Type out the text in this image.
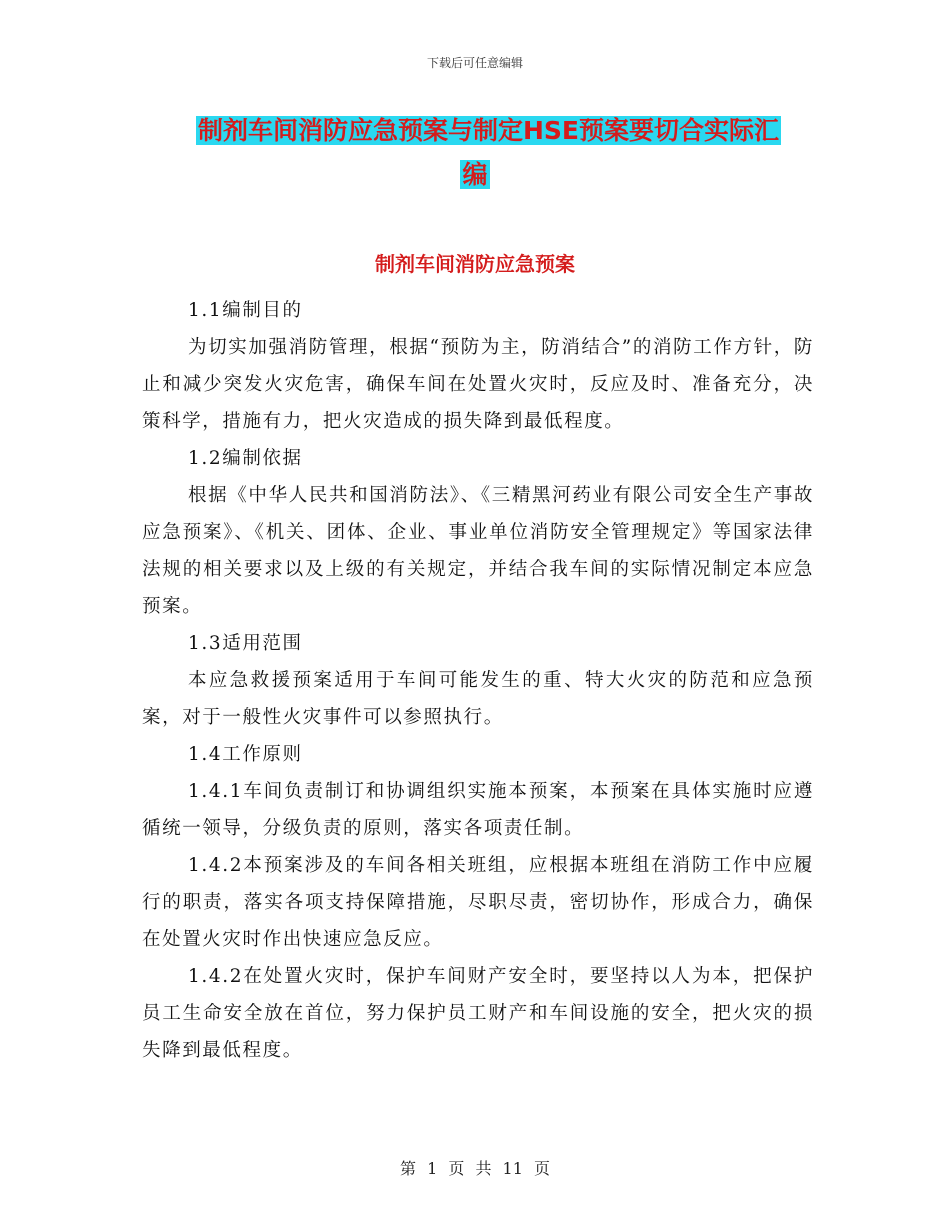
下载后可任意编辑
制剂车间消防应急预案与制定HSE预案要切合实际汇
编
制剂车间消防应急预案

1.1编制目的

为切实加强消防管理，根据“预防为主，防消结合”的消防工作方针，防止和减少突发火灾危害，确保车间在处置火灾时，反应及时、准备充分，决策科学，措施有力，把火灾造成的损失降到最低程度。

1.2编制依据

根据《中华人民共和国消防法》、《三精黑河药业有限公司安全生产事故应急预案》、《机关、团体、企业、事业单位消防安全管理规定》等国家法律法规的相关要求以及上级的有关规定，并结合我车间的实际情况制定本应急预案。

1.3适用范围

本应急救援预案适用于车间可能发生的重、特大火灾的防范和应急预案，对于一般性火灾事件可以参照执行。

1.4工作原则

1.4.1车间负责制订和协调组织实施本预案，本预案在具体实施时应遵循统一领导，分级负责的原则，落实各项责任制。

1.4.2本预案涉及的车间各相关班组，应根据本班组在消防工作中应履行的职责，落实各项支持保障措施，尽职尽责，密切协作，形成合力，确保在处置火灾时作出快速应急反应。

1.4.2在处置火灾时，保护车间财产安全时，要坚持以人为本，把保护员工生命安全放在首位，努力保护员工财产和车间设施的安全，把火灾的损失降到最低程度。

第 1 页 共 11 页
